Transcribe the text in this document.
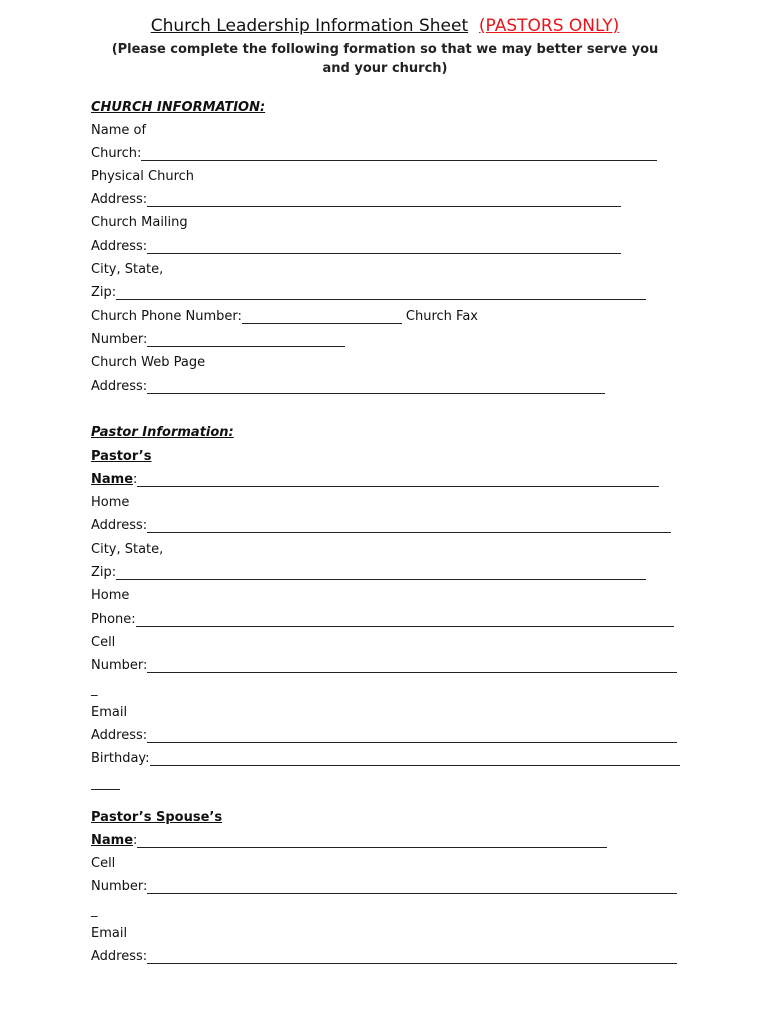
Church Leadership Information Sheet (PASTORS ONLY)
(Please complete the following formation so that we may better serve you and your church)
CHURCH INFORMATION:
Name of
Church:
Physical Church
Address:
Church Mailing
Address:
City, State,
Zip:
Church Phone Number:	Church Fax
Number:
Church Web Page
Address:
Pastor Information:
Pastor’s
Name :
Home
Address:
City, State,
Zip:
Home
Phone:
Cell
Number:
_
Email
Address:
Birthday:
Pastor’s Spouse’s
Name :
Cell
Number:
_
Email
Address:
